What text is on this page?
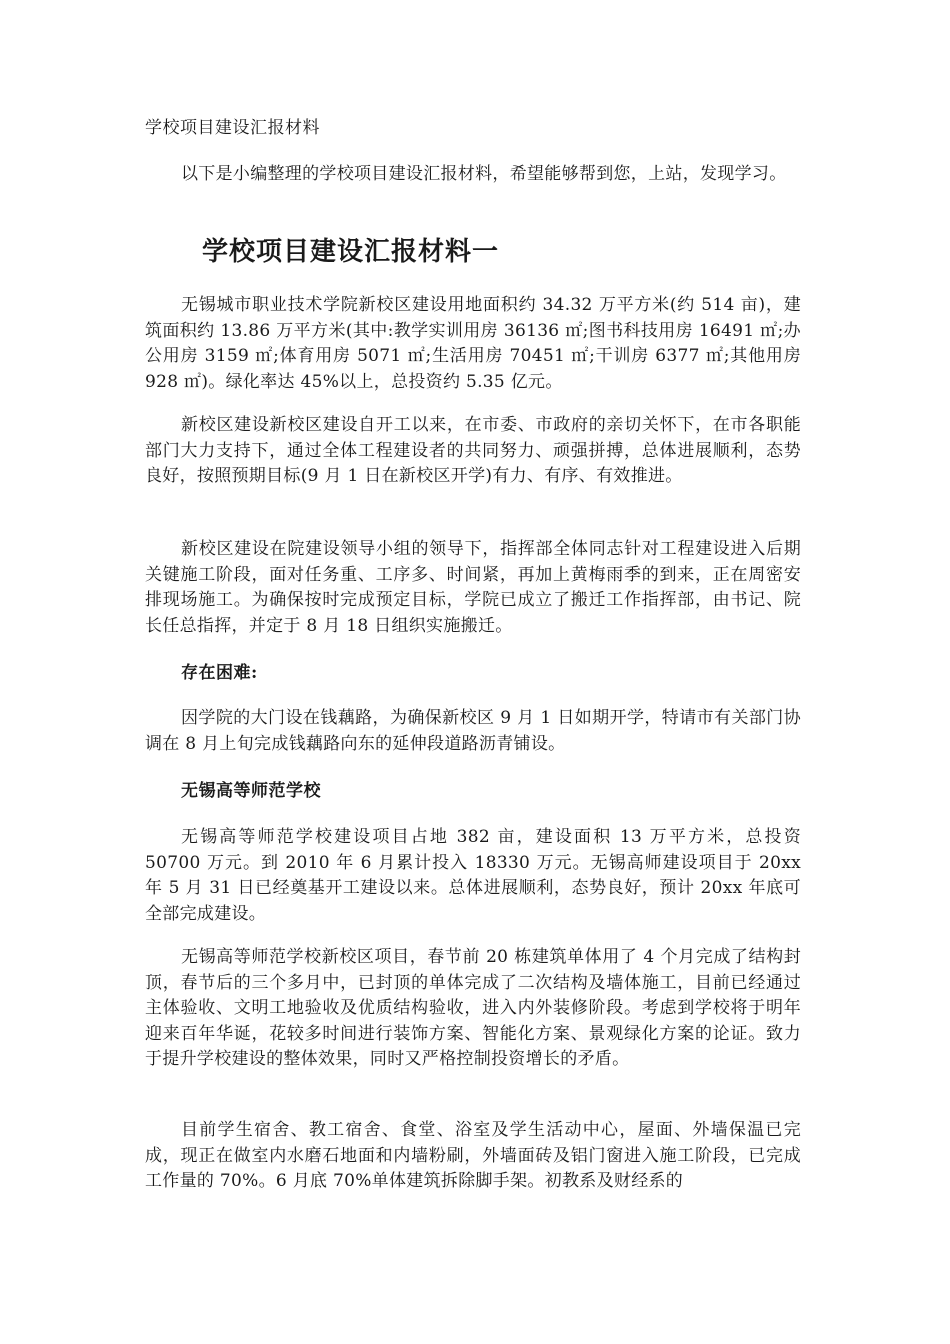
学校项目建设汇报材料

以下是小编整理的学校项目建设汇报材料，希望能够帮到您，上站，发现学习。

学校项目建设汇报材料一

无锡城市职业技术学院新校区建设用地面积约 34.32 万平方米(约 514 亩)，建筑面积约 13.86 万平方米(其中:教学实训用房 36136 ㎡;图书科技用房 16491 ㎡;办公用房 3159 ㎡;体育用房 5071 ㎡;生活用房 70451 ㎡;干训房 6377 ㎡;其他用房 928 ㎡)。绿化率达 45%以上，总投资约 5.35 亿元。

新校区建设新校区建设自开工以来，在市委、市政府的亲切关怀下，在市各职能部门大力支持下，通过全体工程建设者的共同努力、顽强拼搏，总体进展顺利，态势良好，按照预期目标(9 月 1 日在新校区开学)有力、有序、有效推进。

新校区建设在院建设领导小组的领导下，指挥部全体同志针对工程建设进入后期关键施工阶段，面对任务重、工序多、时间紧，再加上黄梅雨季的到来，正在周密安排现场施工。为确保按时完成预定目标，学院已成立了搬迁工作指挥部，由书记、院长任总指挥，并定于 8 月 18 日组织实施搬迁。

存在困难:

因学院的大门设在钱藕路，为确保新校区 9 月 1 日如期开学，特请市有关部门协调在 8 月上旬完成钱藕路向东的延伸段道路沥青铺设。

无锡高等师范学校

无锡高等师范学校建设项目占地 382 亩，建设面积 13 万平方米，总投资 50700 万元。到 2010 年 6 月累计投入 18330 万元。无锡高师建设项目于 20xx 年 5 月 31 日已经奠基开工建设以来。总体进展顺利，态势良好，预计 20xx 年底可全部完成建设。

无锡高等师范学校新校区项目，春节前 20 栋建筑单体用了 4 个月完成了结构封顶，春节后的三个多月中，已封顶的单体完成了二次结构及墙体施工，目前已经通过主体验收、文明工地验收及优质结构验收，进入内外装修阶段。考虑到学校将于明年迎来百年华诞，花较多时间进行装饰方案、智能化方案、景观绿化方案的论证。致力于提升学校建设的整体效果，同时又严格控制投资增长的矛盾。

目前学生宿舍、教工宿舍、食堂、浴室及学生活动中心，屋面、外墙保温已完成，现正在做室内水磨石地面和内墙粉刷，外墙面砖及铝门窗进入施工阶段，已完成工作量的 70%。6 月底 70%单体建筑拆除脚手架。初教系及财经系的
